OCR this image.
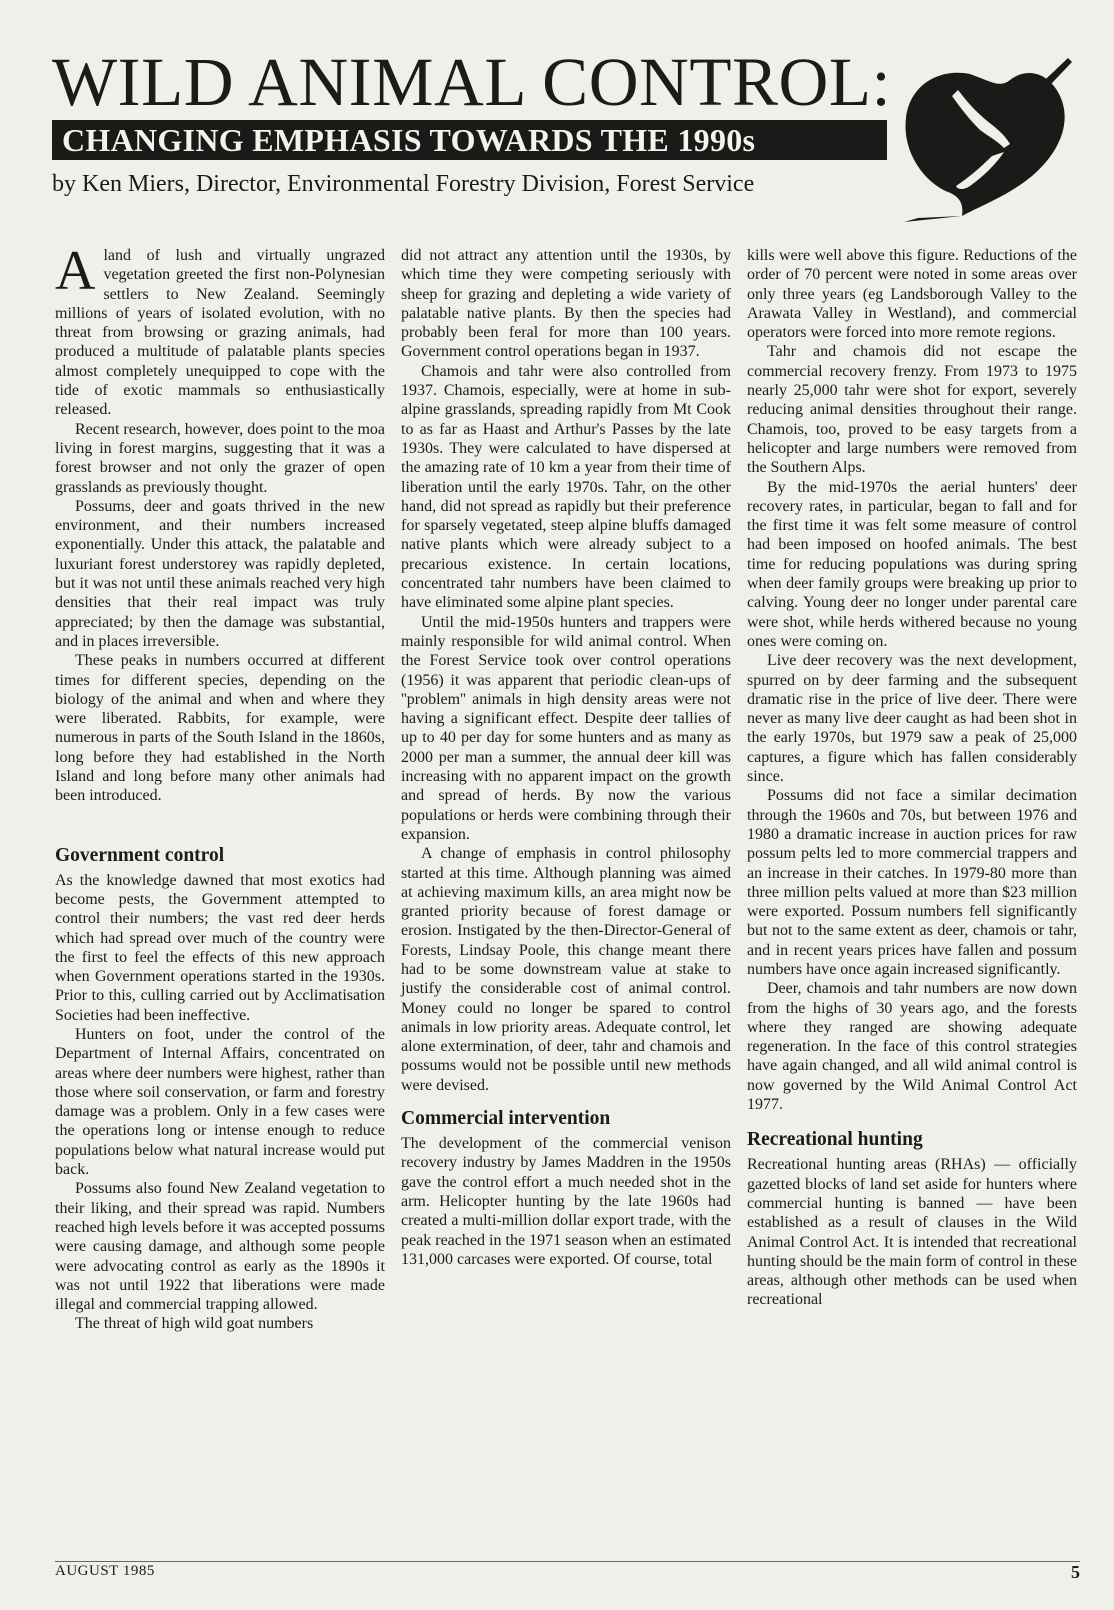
WILD ANIMAL CONTROL:
CHANGING EMPHASIS TOWARDS THE 1990s

by Ken Miers, Director, Environmental Forestry Division, Forest Service

A land of lush and virtually ungrazed vegetation greeted the first non-Polynesian settlers to New Zealand. Seemingly millions of years of isolated evolution, with no threat from browsing or grazing animals, had produced a multitude of palatable plants species almost completely unequipped to cope with the tide of exotic mammals so enthusiastically released.

Recent research, however, does point to the moa living in forest margins, suggesting that it was a forest browser and not only the grazer of open grasslands as previously thought.

Possums, deer and goats thrived in the new environment, and their numbers increased exponentially. Under this attack, the palatable and luxuriant forest understorey was rapidly depleted, but it was not until these animals reached very high densities that their real impact was truly appreciated; by then the damage was substantial, and in places irreversible.

These peaks in numbers occurred at different times for different species, depending on the biology of the animal and when and where they were liberated. Rabbits, for example, were numerous in parts of the South Island in the 1860s, long before they had established in the North Island and long before many other animals had been introduced.

Government control

As the knowledge dawned that most exotics had become pests, the Government attempted to control their numbers; the vast red deer herds which had spread over much of the country were the first to feel the effects of this new approach when Government operations started in the 1930s. Prior to this, culling carried out by Acclimatisation Societies had been ineffective.

Hunters on foot, under the control of the Department of Internal Affairs, concentrated on areas where deer numbers were highest, rather than those where soil conservation, or farm and forestry damage was a problem. Only in a few cases were the operations long or intense enough to reduce populations below what natural increase would put back.

Possums also found New Zealand vegetation to their liking, and their spread was rapid. Numbers reached high levels before it was accepted possums were causing damage, and although some people were advocating control as early as the 1890s it was not until 1922 that liberations were made illegal and commercial trapping allowed.

The threat of high wild goat numbers

did not attract any attention until the 1930s, by which time they were competing seriously with sheep for grazing and depleting a wide variety of palatable native plants. By then the species had probably been feral for more than 100 years. Government control operations began in 1937.

Chamois and tahr were also controlled from 1937. Chamois, especially, were at home in sub-alpine grasslands, spreading rapidly from Mt Cook to as far as Haast and Arthur's Passes by the late 1930s. They were calculated to have dispersed at the amazing rate of 10 km a year from their time of liberation until the early 1970s. Tahr, on the other hand, did not spread as rapidly but their preference for sparsely vegetated, steep alpine bluffs damaged native plants which were already subject to a precarious existence. In certain locations, concentrated tahr numbers have been claimed to have eliminated some alpine plant species.

Until the mid-1950s hunters and trappers were mainly responsible for wild animal control. When the Forest Service took over control operations (1956) it was apparent that periodic clean-ups of ''problem'' animals in high density areas were not having a significant effect. Despite deer tallies of up to 40 per day for some hunters and as many as 2000 per man a summer, the annual deer kill was increasing with no apparent impact on the growth and spread of herds. By now the various populations or herds were combining through their expansion.

A change of emphasis in control philosophy started at this time. Although planning was aimed at achieving maximum kills, an area might now be granted priority because of forest damage or erosion. Instigated by the then-Director-General of Forests, Lindsay Poole, this change meant there had to be some downstream value at stake to justify the considerable cost of animal control. Money could no longer be spared to control animals in low priority areas. Adequate control, let alone extermination, of deer, tahr and chamois and possums would not be possible until new methods were devised.

Commercial intervention

The development of the commercial venison recovery industry by James Maddren in the 1950s gave the control effort a much needed shot in the arm. Helicopter hunting by the late 1960s had created a multi-million dollar export trade, with the peak reached in the 1971 season when an estimated 131,000 carcases were exported. Of course, total

kills were well above this figure. Reductions of the order of 70 percent were noted in some areas over only three years (eg Landsborough Valley to the Arawata Valley in Westland), and commercial operators were forced into more remote regions.

Tahr and chamois did not escape the commercial recovery frenzy. From 1973 to 1975 nearly 25,000 tahr were shot for export, severely reducing animal densities throughout their range. Chamois, too, proved to be easy targets from a helicopter and large numbers were removed from the Southern Alps.

By the mid-1970s the aerial hunters' deer recovery rates, in particular, began to fall and for the first time it was felt some measure of control had been imposed on hoofed animals. The best time for reducing populations was during spring when deer family groups were breaking up prior to calving. Young deer no longer under parental care were shot, while herds withered because no young ones were coming on.

Live deer recovery was the next development, spurred on by deer farming and the subsequent dramatic rise in the price of live deer. There were never as many live deer caught as had been shot in the early 1970s, but 1979 saw a peak of 25,000 captures, a figure which has fallen considerably since.

Possums did not face a similar decimation through the 1960s and 70s, but between 1976 and 1980 a dramatic increase in auction prices for raw possum pelts led to more commercial trappers and an increase in their catches. In 1979-80 more than three million pelts valued at more than $23 million were exported. Possum numbers fell significantly but not to the same extent as deer, chamois or tahr, and in recent years prices have fallen and possum numbers have once again increased significantly.

Deer, chamois and tahr numbers are now down from the highs of 30 years ago, and the forests where they ranged are showing adequate regeneration. In the face of this control strategies have again changed, and all wild animal control is now governed by the Wild Animal Control Act 1977.

Recreational hunting

Recreational hunting areas (RHAs) — officially gazetted blocks of land set aside for hunters where commercial hunting is banned — have been established as a result of clauses in the Wild Animal Control Act. It is intended that recreational hunting should be the main form of control in these areas, although other methods can be used when recreational

AUGUST 1985	5
